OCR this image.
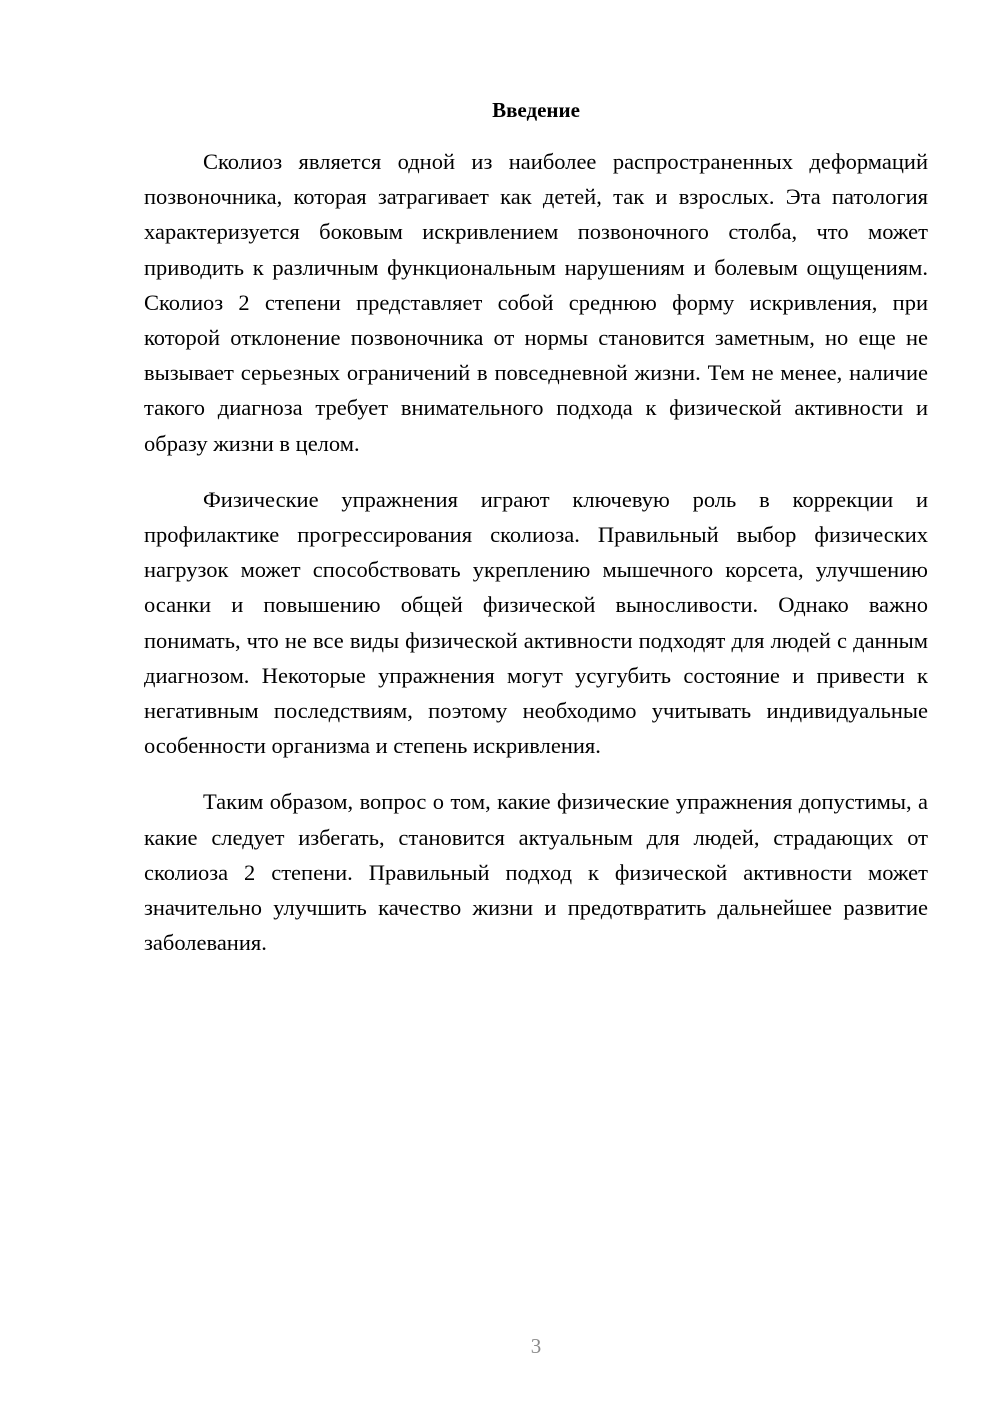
Введение

Сколиоз является одной из наиболее распространенных деформаций позвоночника, которая затрагивает как детей, так и взрослых. Эта патология характеризуется боковым искривлением позвоночного столба, что может приводить к различным функциональным нарушениям и болевым ощущениям. Сколиоз 2 степени представляет собой среднюю форму искривления, при которой отклонение позвоночника от нормы становится заметным, но еще не вызывает серьезных ограничений в повседневной жизни. Тем не менее, наличие такого диагноза требует внимательного подхода к физической активности и образу жизни в целом.

Физические упражнения играют ключевую роль в коррекции и профилактике прогрессирования сколиоза. Правильный выбор физических нагрузок может способствовать укреплению мышечного корсета, улучшению осанки и повышению общей физической выносливости. Однако важно понимать, что не все виды физической активности подходят для людей с данным диагнозом. Некоторые упражнения могут усугубить состояние и привести к негативным последствиям, поэтому необходимо учитывать индивидуальные особенности организма и степень искривления.

Таким образом, вопрос о том, какие физические упражнения допустимы, а какие следует избегать, становится актуальным для людей, страдающих от сколиоза 2 степени. Правильный подход к физической активности может значительно улучшить качество жизни и предотвратить дальнейшее развитие заболевания.

3
